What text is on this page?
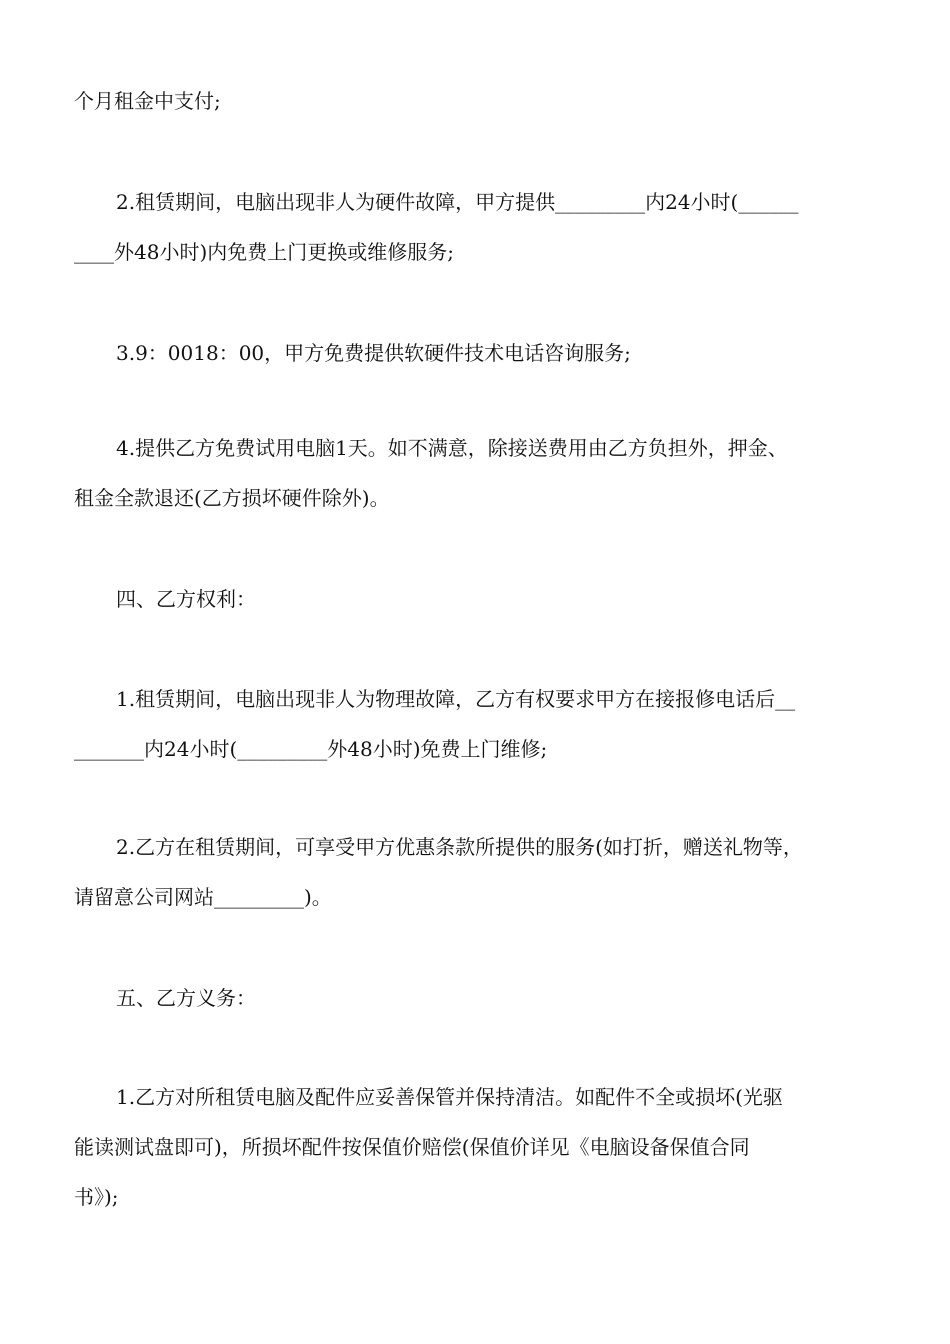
个月租金中支付;
2.租赁期间，电脑出现非人为硬件故障，甲方提供_________内24小时(______
____外48小时)内免费上门更换或维修服务;
3.9：0018：00，甲方免费提供软硬件技术电话咨询服务;
4.提供乙方免费试用电脑1天。如不满意，除接送费用由乙方负担外，押金、
租金全款退还(乙方损坏硬件除外)。
四、乙方权利：
1.租赁期间，电脑出现非人为物理故障，乙方有权要求甲方在接报修电话后__
_______内24小时(_________外48小时)免费上门维修;
2.乙方在租赁期间，可享受甲方优惠条款所提供的服务(如打折，赠送礼物等，
请留意公司网站_________)。
五、乙方义务：
1.乙方对所租赁电脑及配件应妥善保管并保持清洁。如配件不全或损坏(光驱
能读测试盘即可)，所损坏配件按保值价赔偿(保值价详见《电脑设备保值合同
书》);
